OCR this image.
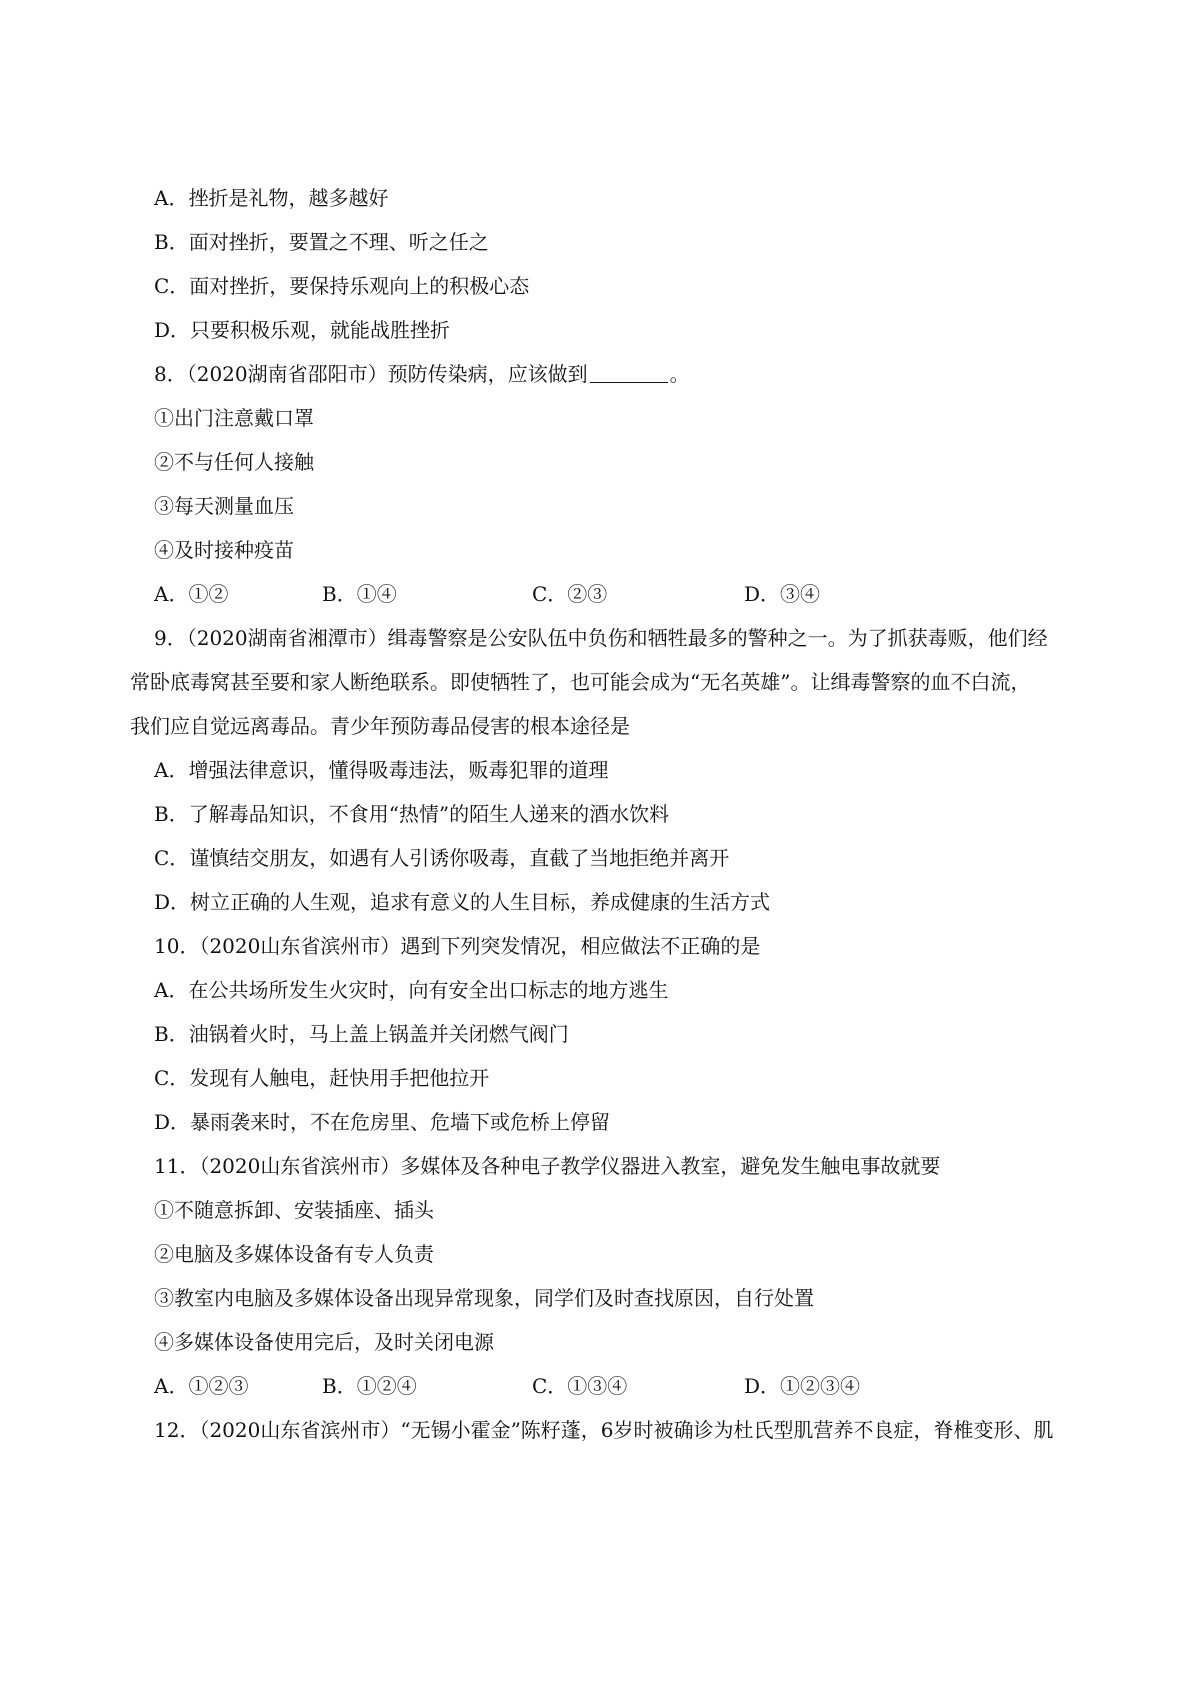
A．挫折是礼物，越多越好
B．面对挫折，要置之不理、听之任之
C．面对挫折，要保持乐观向上的积极心态
D．只要积极乐观，就能战胜挫折
8．（2020湖南省邵阳市）预防传染病，应该做到	。
①出门注意戴口罩
②不与任何人接触
③每天测量血压
④及时接种疫苗
A．①②	B．①④	C．②③	D．③④
9．（2020湖南省湘潭市）缉毒警察是公安队伍中负伤和牺牲最多的警种之一。为了抓获毒贩，他们经
常卧底毒窝甚至要和家人断绝联系。即使牺牲了，也可能会成为“无名英雄”。让缉毒警察的血不白流，
我们应自觉远离毒品。青少年预防毒品侵害的根本途径是
A．增强法律意识，懂得吸毒违法，贩毒犯罪的道理
B．了解毒品知识，不食用“热情”的陌生人递来的酒水饮料
C．谨慎结交朋友，如遇有人引诱你吸毒，直截了当地拒绝并离开
D．树立正确的人生观，追求有意义的人生目标，养成健康的生活方式
10．（2020山东省滨州市）遇到下列突发情况，相应做法不正确的是
A．在公共场所发生火灾时，向有安全出口标志的地方逃生
B．油锅着火时，马上盖上锅盖并关闭燃气阀门
C．发现有人触电，赶快用手把他拉开
D．暴雨袭来时，不在危房里、危墙下或危桥上停留
11．（2020山东省滨州市）多媒体及各种电子教学仪器进入教室，避免发生触电事故就要
①不随意拆卸、安装插座、插头
②电脑及多媒体设备有专人负责
③教室内电脑及多媒体设备出现异常现象，同学们及时查找原因，自行处置
④多媒体设备使用完后，及时关闭电源
A．①②③	B．①②④	C．①③④	D．①②③④
12．（2020山东省滨州市）“无锡小霍金”陈籽蓬，6岁时被确诊为杜氏型肌营养不良症，脊椎变形、肌
